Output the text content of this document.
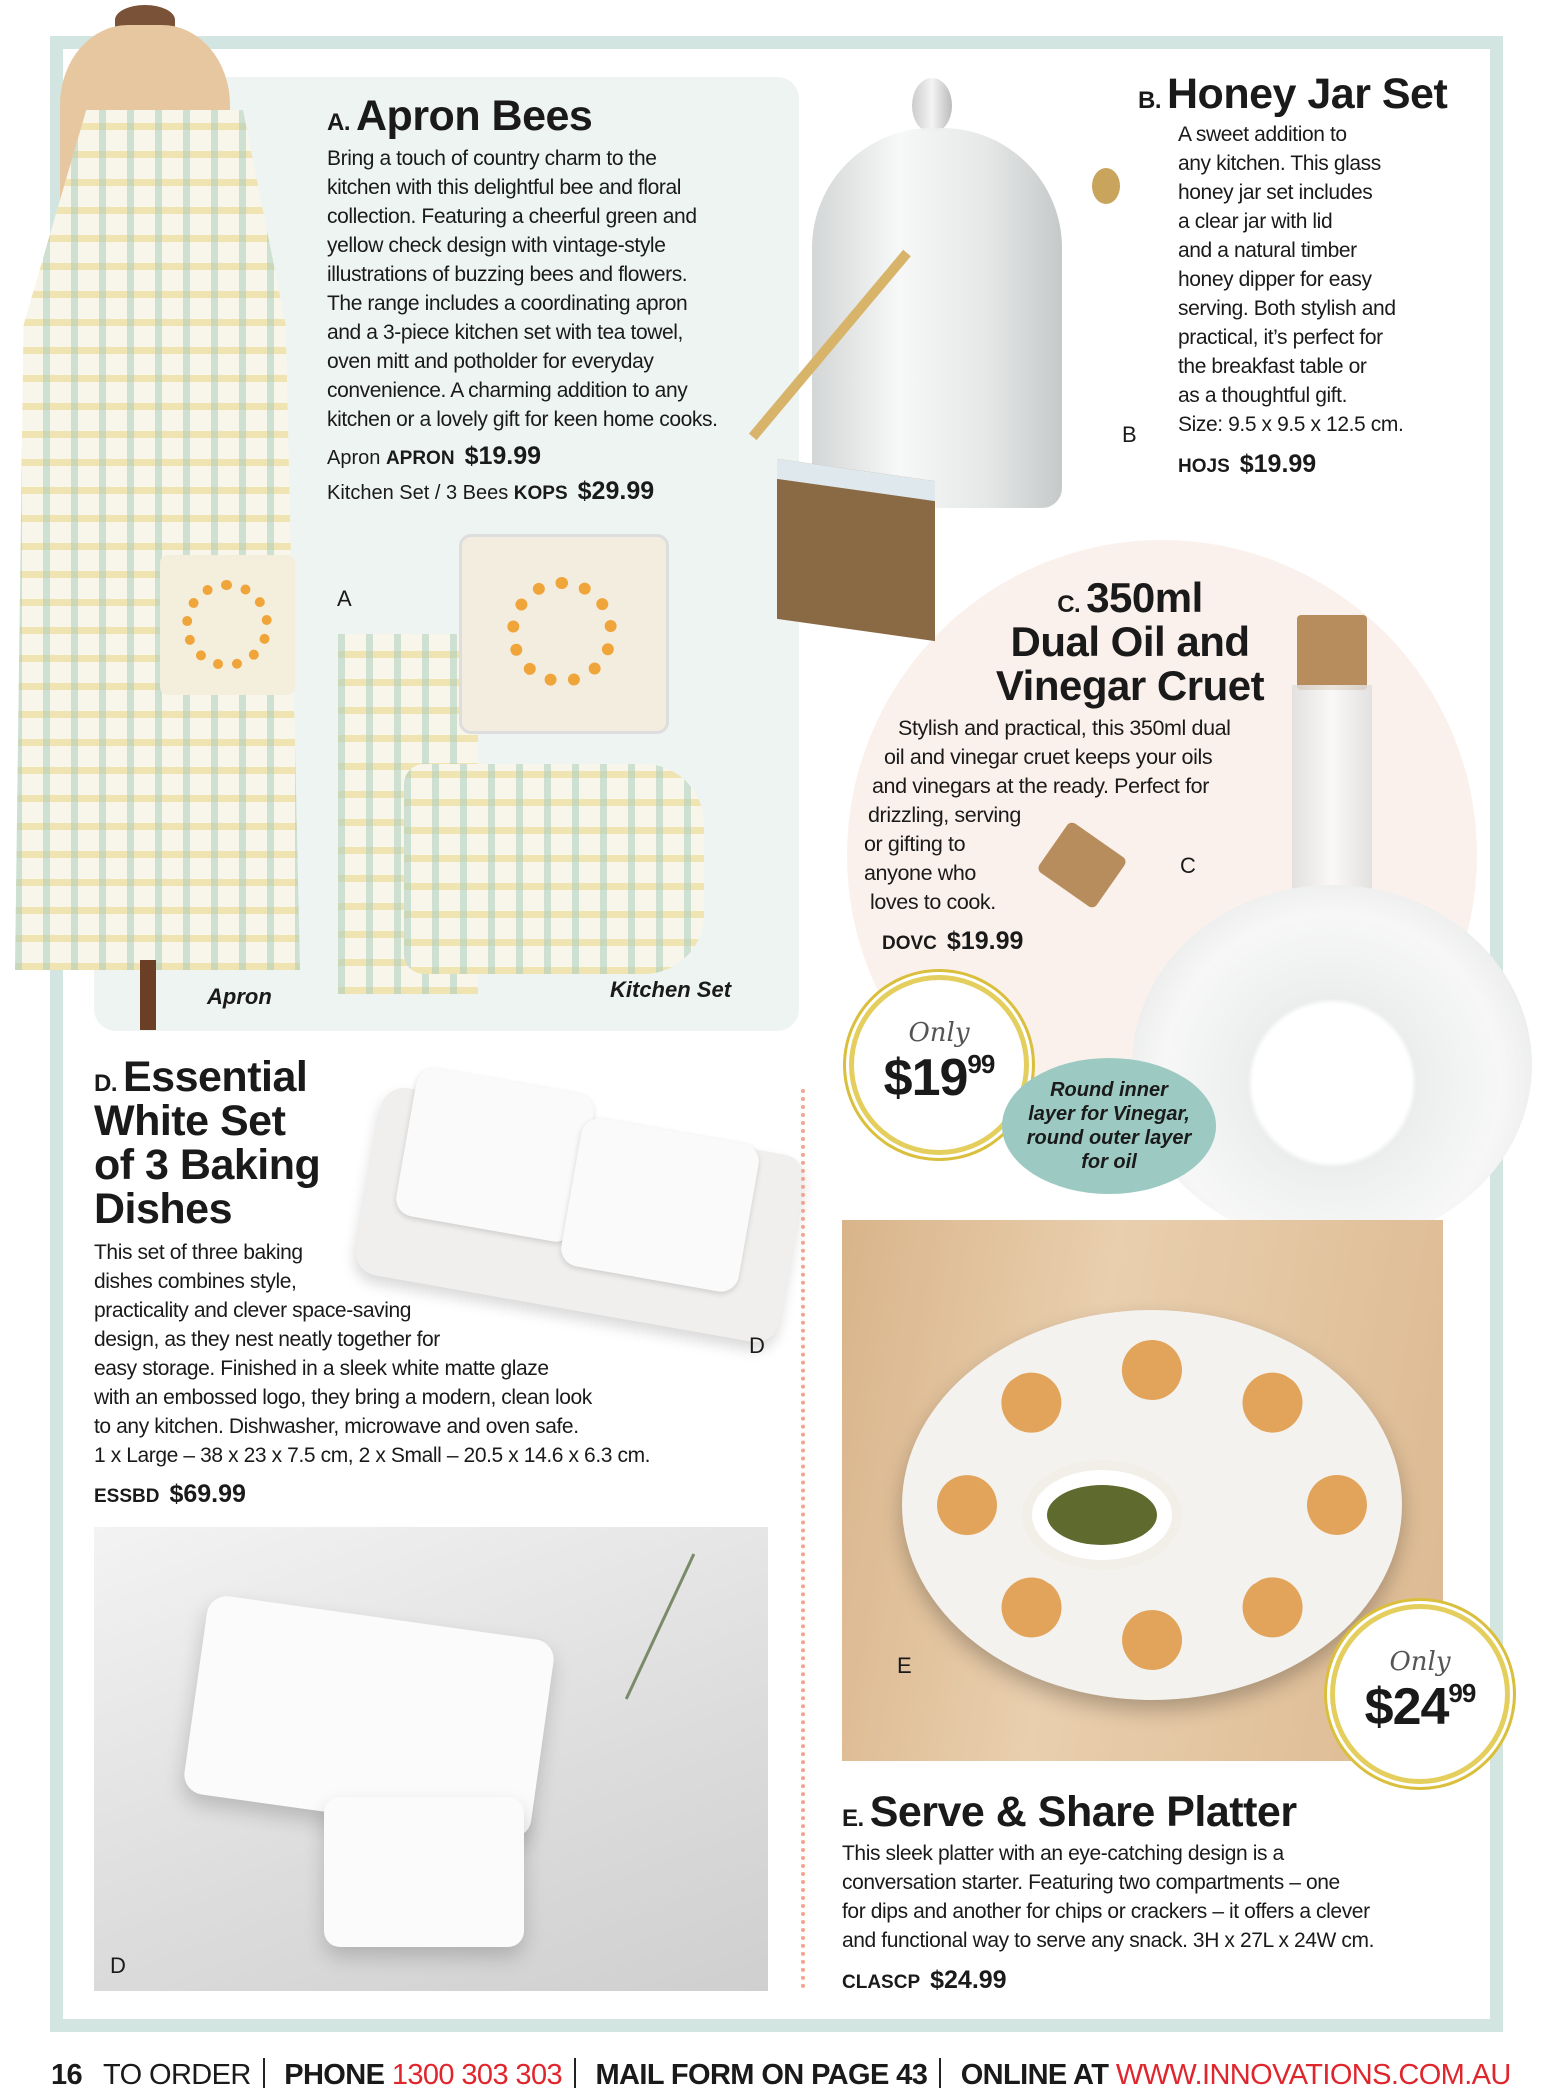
Apron
A
Kitchen Set
A. Apron Bees
Bring a touch of country charm to the
kitchen with this delightful bee and floral
collection. Featuring a cheerful green and
yellow check design with vintage-style
illustrations of buzzing bees and flowers.
The range includes a coordinating apron
and a 3-piece kitchen set with tea towel,
oven mitt and potholder for everyday
convenience. A charming addition to any
kitchen or a lovely gift for keen home cooks.
Apron APRON $19.99
Kitchen Set / 3 Bees KOPS $29.99
B
B. Honey Jar Set
A sweet addition to
any kitchen. This glass
honey jar set includes
a clear jar with lid
and a natural timber
honey dipper for easy
serving. Both stylish and
practical, it’s perfect for
the breakfast table or
as a thoughtful gift.
Size: 9.5 x 9.5 x 12.5 cm.
HOJS $19.99
C
C. 350ml
Dual Oil and
Vinegar Cruet
Stylish and practical, this 350ml dual
oil and vinegar cruet keeps your oils
and vinegars at the ready. Perfect for
drizzling, serving
or gifting to
anyone who
loves to cook.
DOVC $19.99
Only
$\$19^{99}$
Round inner
layer for Vinegar,
round outer layer
for oil
D. Essential
White Set
of 3 Baking
Dishes
D
This set of three baking
dishes combines style,
practicality and clever space-saving
design, as they nest neatly together for
easy storage. Finished in a sleek white matte glaze
with an embossed logo, they bring a modern, clean look
to any kitchen. Dishwasher, microwave and oven safe.
1 x Large – 38 x 23 x 7.5 cm, 2 x Small – 20.5 x 14.6 x 6.3 cm.
ESSBD $69.99
D
E	Only
$\$24^{99}$
E. Serve & Share Platter
This sleek platter with an eye-catching design is a
conversation starter. Featuring two compartments – one
for dips and another for chips or crackers – it offers a clever
and functional way to serve any snack. 3H x 27L x 24W cm.
CLASCP $24.99
16 TO ORDER PHONE 1300 303 303 MAIL FORM ON PAGE 43 ONLINE AT WWW.INNOVATIONS.COM.AU
